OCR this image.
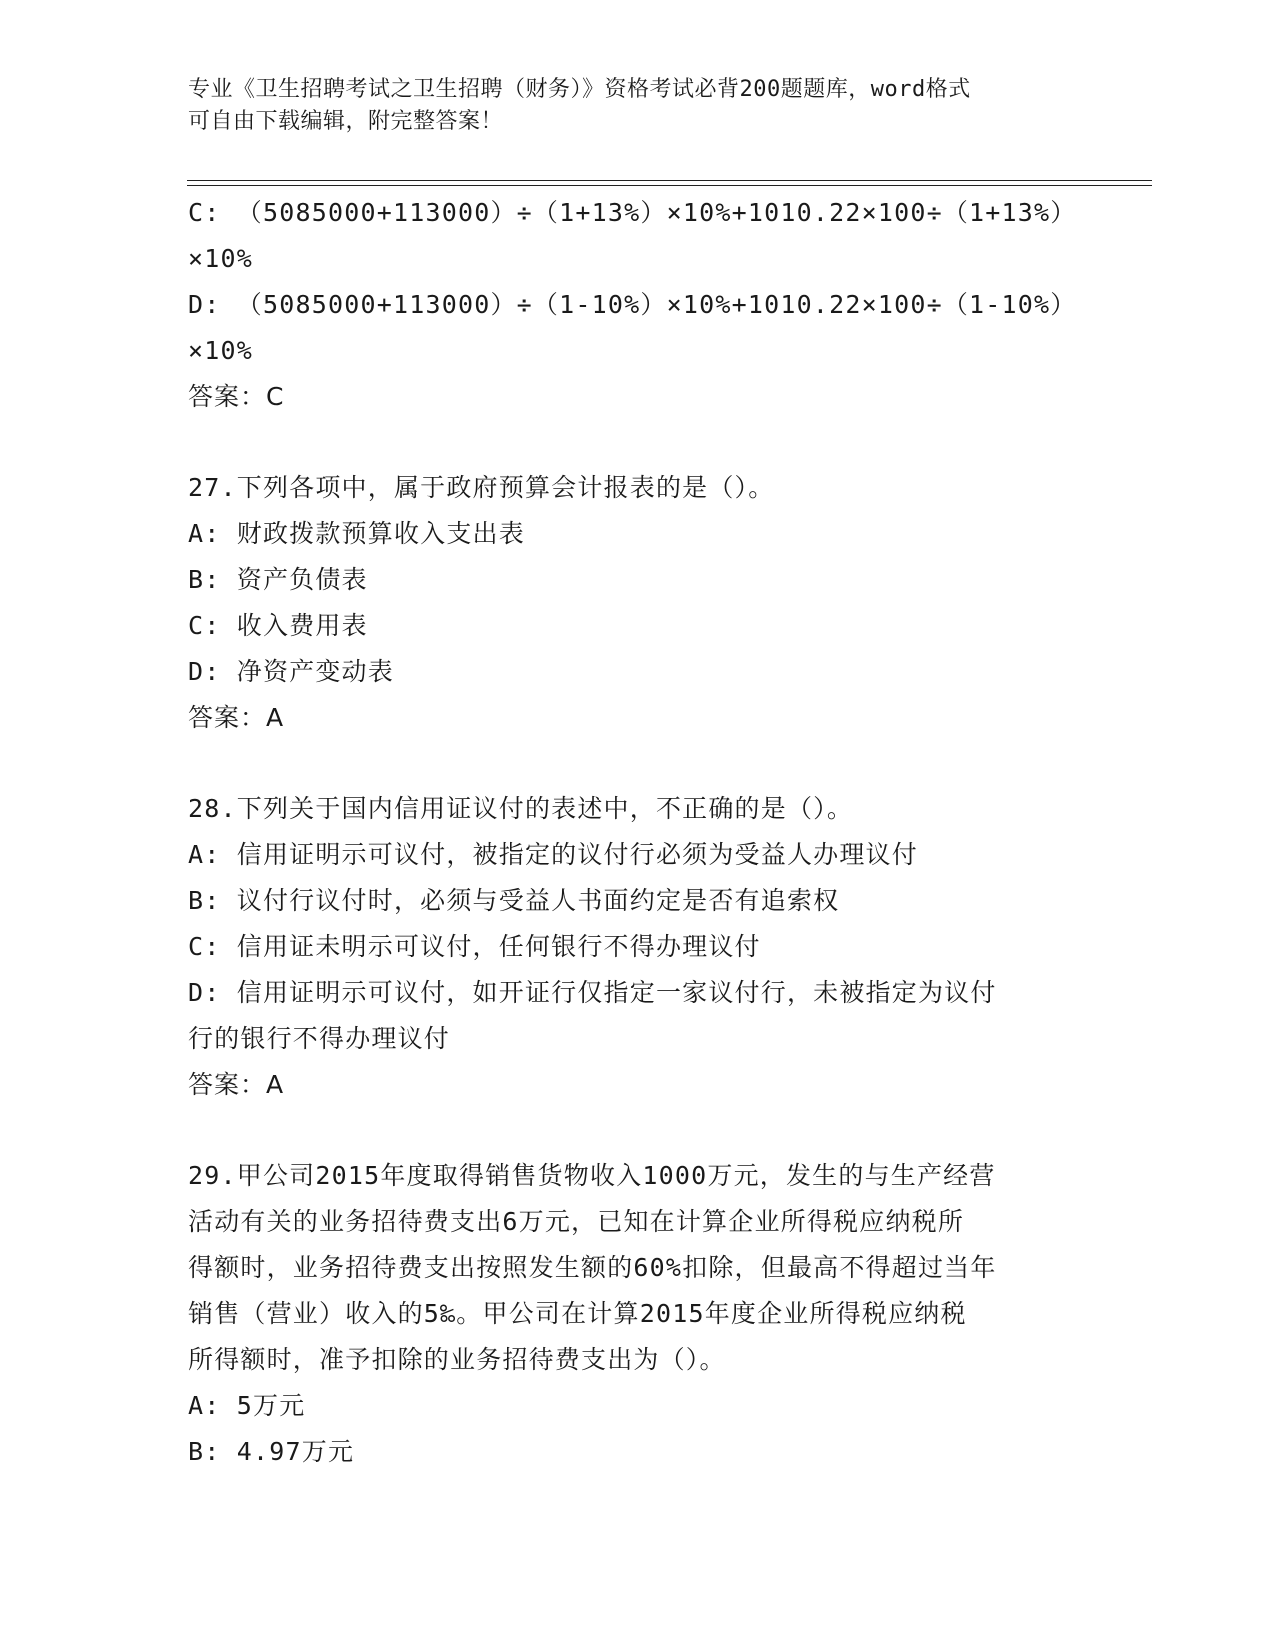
专业《卫生招聘考试之卫生招聘（财务）》资格考试必背200题题库，word格式
可自由下载编辑，附完整答案！
C: （5085000+113000）÷（1+13%）×10%+1010.22×100÷（1+13%）
×10%
D: （5085000+113000）÷（1-10%）×10%+1010.22×100÷（1-10%）
×10%
答案：C
27.下列各项中，属于政府预算会计报表的是（）。
A: 财政拨款预算收入支出表
B: 资产负债表
C: 收入费用表
D: 净资产变动表
答案：A
28.下列关于国内信用证议付的表述中，不正确的是（）。
A: 信用证明示可议付，被指定的议付行必须为受益人办理议付
B: 议付行议付时，必须与受益人书面约定是否有追索权
C: 信用证未明示可议付，任何银行不得办理议付
D: 信用证明示可议付，如开证行仅指定一家议付行，未被指定为议付
行的银行不得办理议付
答案：A
29.甲公司2015年度取得销售货物收入1000万元，发生的与生产经营
活动有关的业务招待费支出6万元，已知在计算企业所得税应纳税所
得额时，业务招待费支出按照发生额的60%扣除，但最高不得超过当年
销售（营业）收入的5‰。甲公司在计算2015年度企业所得税应纳税
所得额时，准予扣除的业务招待费支出为（）。
A: 5万元
B: 4.97万元
